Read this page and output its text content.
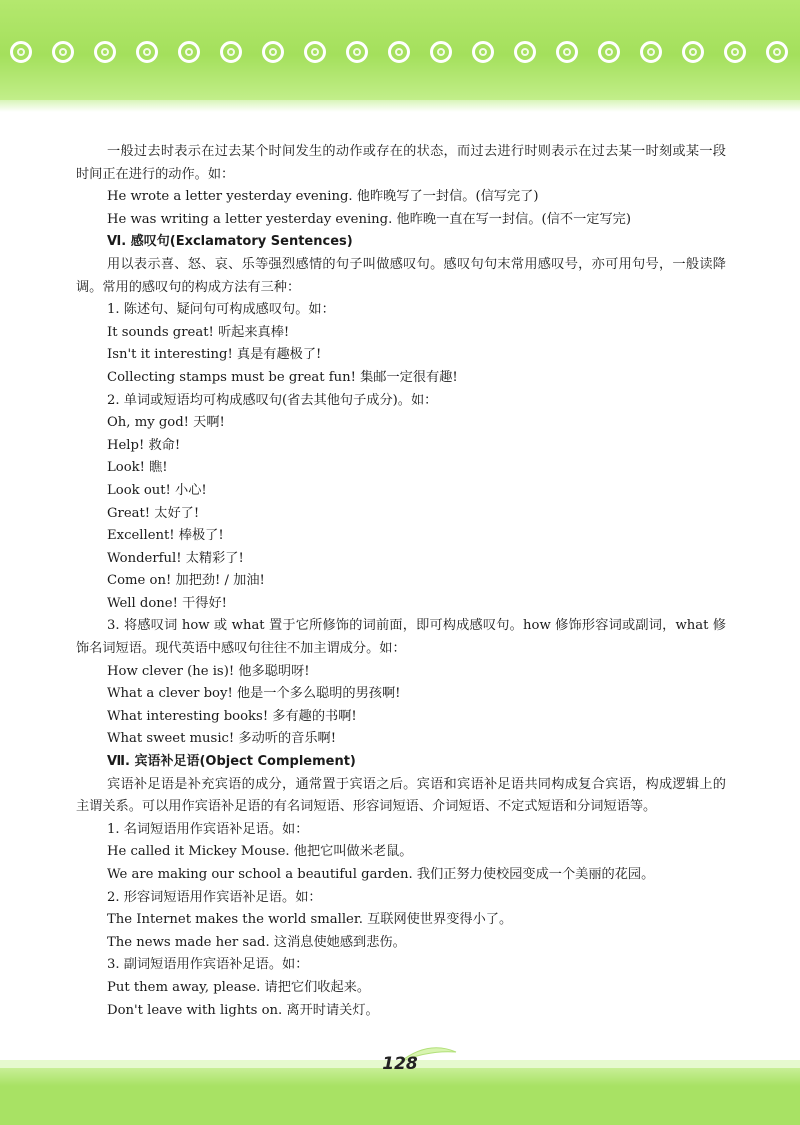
一般过去时表示在过去某个时间发生的动作或存在的状态，而过去进行时则表示在过去某一时刻或某一段时间正在进行的动作。如：
He wrote a letter yesterday evening. 他昨晚写了一封信。(信写完了)
He was writing a letter yesterday evening. 他昨晚一直在写一封信。(信不一定写完)
Ⅵ. 感叹句(Exclamatory Sentences)
用以表示喜、怒、哀、乐等强烈感情的句子叫做感叹句。感叹句句末常用感叹号，亦可用句号，一般读降调。常用的感叹句的构成方法有三种：
1. 陈述句、疑问句可构成感叹句。如：
It sounds great! 听起来真棒!
Isn't it interesting! 真是有趣极了!
Collecting stamps must be great fun! 集邮一定很有趣!
2. 单词或短语均可构成感叹句(省去其他句子成分)。如：
Oh, my god! 天啊!
Help! 救命!
Look! 瞧!
Look out! 小心!
Great! 太好了!
Excellent! 棒极了!
Wonderful! 太精彩了!
Come on! 加把劲! / 加油!
Well done! 干得好!
3. 将感叹词 how 或 what 置于它所修饰的词前面，即可构成感叹句。how 修饰形容词或副词，what 修饰名词短语。现代英语中感叹句往往不加主谓成分。如：
How clever (he is)! 他多聪明呀!
What a clever boy! 他是一个多么聪明的男孩啊!
What interesting books! 多有趣的书啊!
What sweet music! 多动听的音乐啊!
Ⅶ. 宾语补足语(Object Complement)
宾语补足语是补充宾语的成分，通常置于宾语之后。宾语和宾语补足语共同构成复合宾语，构成逻辑上的主谓关系。可以用作宾语补足语的有名词短语、形容词短语、介词短语、不定式短语和分词短语等。
1. 名词短语用作宾语补足语。如：
He called it Mickey Mouse. 他把它叫做米老鼠。
We are making our school a beautiful garden. 我们正努力使校园变成一个美丽的花园。
2. 形容词短语用作宾语补足语。如：
The Internet makes the world smaller. 互联网使世界变得小了。
The news made her sad. 这消息使她感到悲伤。
3. 副词短语用作宾语补足语。如：
Put them away, please. 请把它们收起来。
Don't leave with lights on. 离开时请关灯。
128
